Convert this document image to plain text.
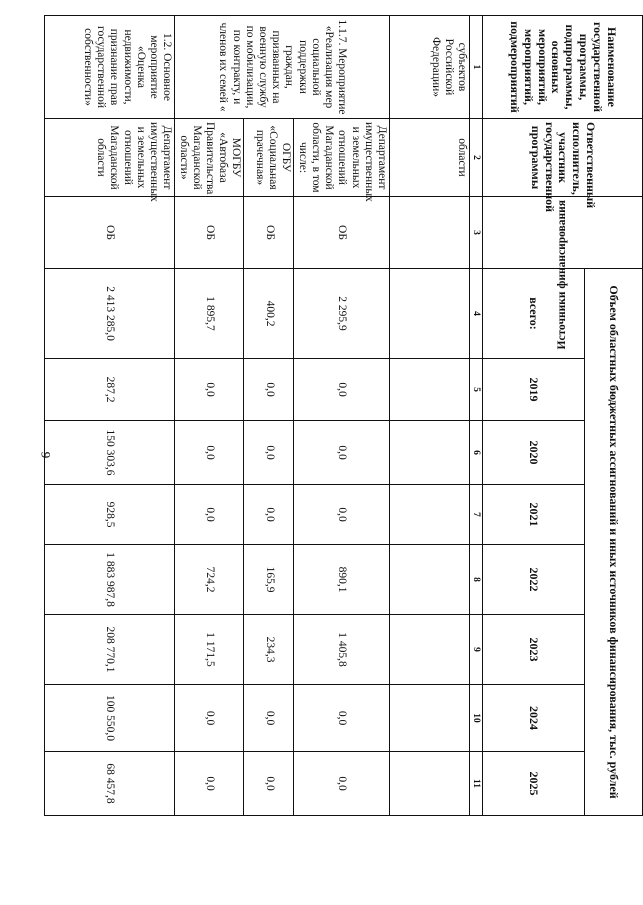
9
Наименование государственной программы, подпрограммы, основных мероприятий, мероприятий, подмероприятий	Ответственный исполнитель, участник государственной программы	Источники финансирования	Объем областных бюджетных ассигнований и иных источников финансирования, тыс. рублей							
			всего:	2019	2020	2021	2022	2023	2024	2025
1	2	3	4	5	6	7	8	9	10	11
субъектов Российской Федерации»	области									
1.1.7. Мероприятие «Реализация мер социальной поддержки граждан, призванных на военную службу по мобилизации, по контракту, и членов их семей «	Департамент имущественных и земельных отношений Магаданской области, в том числе:	ОБ	2 295,9	0,0	0,0	0,0	890,1	1 405,8	0,0	0,0
	ОГБУ «Социальная прачечная»	ОБ	400,2	0,0	0,0	0,0	165,9	234,3	0,0	0,0
	МОГБУ «Автобаза Правительства Магаданской области»	ОБ	1 895,7	0,0	0,0	0,0	724,2	1 171,5	0,0	0,0
1.2. Основное мероприятие «Оценка недвижимости, признание прав государственной собственности»	Департамент имущественных и земельных отношений Магаданской области	ОБ	2 413 285,0	287,2	150 303,6	928,5	1 883 987,8	208 770,1	100 550,0	68 457,8
